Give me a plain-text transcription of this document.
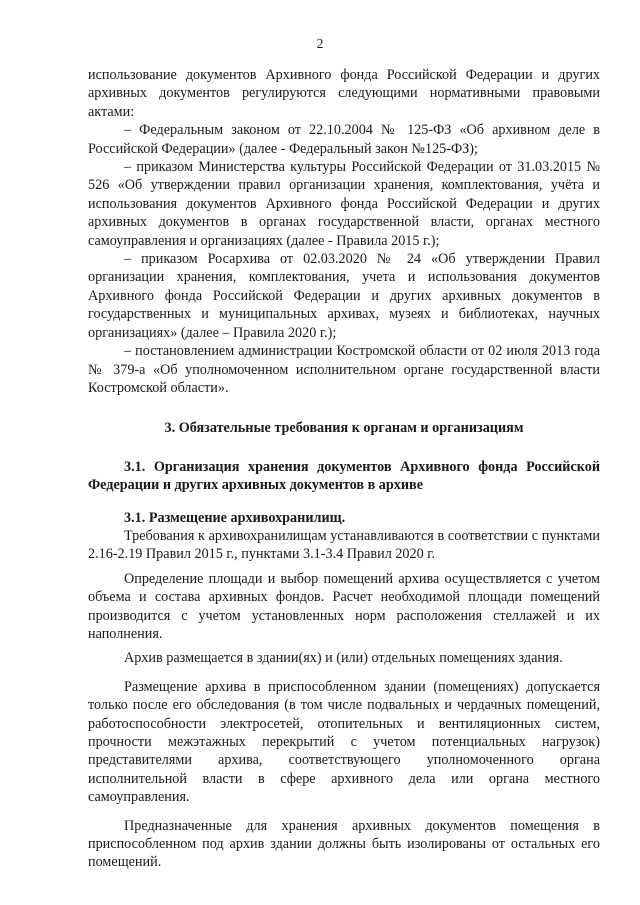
2

использование документов Архивного фонда Российской Федерации и других архивных документов регулируются следующими нормативными правовыми актами:

– Федеральным законом от 22.10.2004 № 125-ФЗ «Об архивном деле в Российской Федерации» (далее - Федеральный закон №125-ФЗ);

– приказом Министерства культуры Российской Федерации от 31.03.2015 № 526 «Об утверждении правил организации хранения, комплектования, учёта и использования документов Архивного фонда Российской Федерации и других архивных документов в органах государственной власти, органах местного самоуправления и организациях (далее - Правила 2015 г.);

– приказом Росархива от 02.03.2020 № 24 «Об утверждении Правил организации хранения, комплектования, учета и использования документов Архивного фонда Российской Федерации и других архивных документов в государственных и муниципальных архивах, музеях и библиотеках, научных организациях» (далее – Правила 2020 г.);

– постановлением администрации Костромской области от 02 июля 2013 года № 379-а «Об уполномоченном исполнительном органе государственной власти Костромской области».

3. Обязательные требования к органам и организациям

3.1. Организация хранения документов Архивного фонда Российской Федерации и других архивных документов в архиве

3.1. Размещение архивохранилищ.

Требования к архивохранилищам устанавливаются в соответствии с пунктами 2.16-2.19 Правил 2015 г., пунктами 3.1-3.4 Правил 2020 г.

Определение площади и выбор помещений архива осуществляется с учетом объема и состава архивных фондов. Расчет необходимой площади помещений производится с учетом установленных норм расположения стеллажей и их наполнения.

Архив размещается в здании(ях) и (или) отдельных помещениях здания.

Размещение архива в приспособленном здании (помещениях) допускается только после его обследования (в том числе подвальных и чердачных помещений, работоспособности электросетей, отопительных и вентиляционных систем, прочности межэтажных перекрытий с учетом потенциальных нагрузок) представителями архива, соответствующего уполномоченного органа исполнительной власти в сфере архивного дела или органа местного самоуправления.

Предназначенные для хранения архивных документов помещения в приспособленном под архив здании должны быть изолированы от остальных его помещений.
